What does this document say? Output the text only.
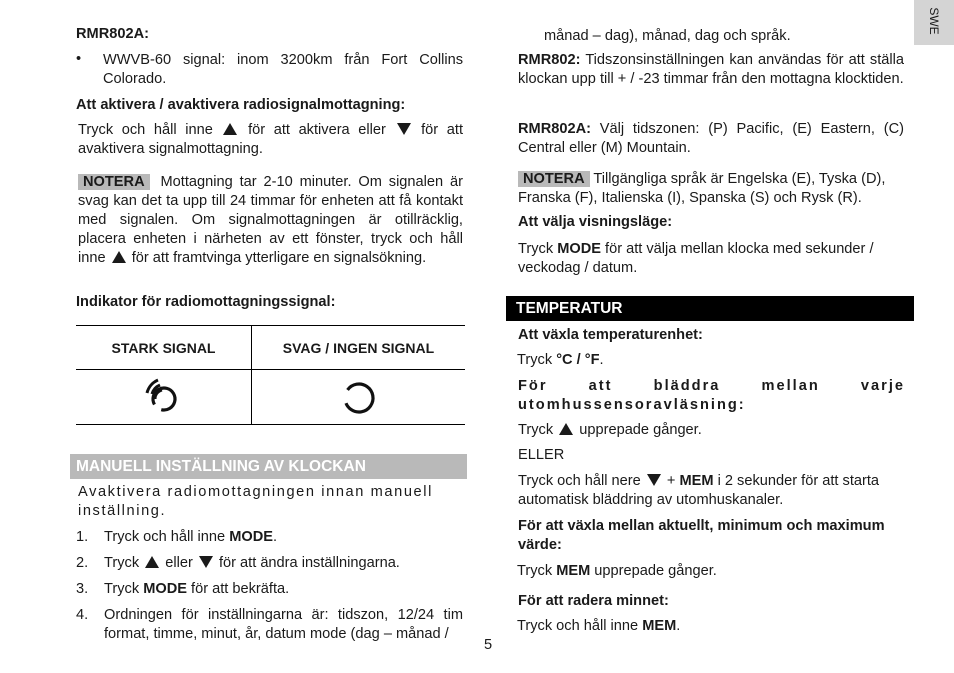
SWE
RMR802A:
• WWVB-60 signal: inom 3200km från Fort Collins Colorado.

Att aktivera / avaktivera radiosignalmottagning:

Tryck och håll inne för att aktivera eller för att avaktivera signalmottagning.

NOTERA Mottagning tar 2-10 minuter. Om signalen är svag kan det ta upp till 24 timmar för enheten att få kontakt med signalen. Om signalmottagningen är otillräcklig, placera enheten i närheten av ett fönster, tryck och håll inne för att framtvinga ytterligare en signalsökning.

Indikator för radiomottagningssignal:
STARK SIGNAL	SVAG / INGEN SIGNAL

MANUELL INSTÄLLNING AV KLOCKAN

Avaktivera radiomottagningen innan manuell inställning.

1. Tryck och håll inne MODE.
2. Tryck eller för att ändra inställningarna.
3. Tryck MODE för att bekräfta.
4. Ordningen för inställningarna är: tidszon, 12/24 tim format, timme, minut, år, datum mode (dag – månad /
5

månad – dag), månad, dag och språk.

RMR802: Tidszonsinställningen kan användas för att ställa klockan upp till + / -23 timmar från den mottagna klocktiden.

RMR802A: Välj tidszonen: (P) Pacific, (E) Eastern, (C) Central eller (M) Mountain.

NOTERA Tillgängliga språk är Engelska (E), Tyska (D), Franska (F), Italienska (I), Spanska (S) och Rysk (R).

Att välja visningsläge:

Tryck MODE för att välja mellan klocka med sekunder / veckodag / datum.

TEMPERATUR
Att växla temperaturenhet:

Tryck °C / °F.

För att bläddra mellan varje utomhussensoravläsning:

Tryck upprepade gånger.

ELLER

Tryck och håll nere + MEM i 2 sekunder för att starta automatisk bläddring av utomhuskanaler.

För att växla mellan aktuellt, minimum och maximum värde:

Tryck MEM upprepade gånger.

För att radera minnet:

Tryck och håll inne MEM.
